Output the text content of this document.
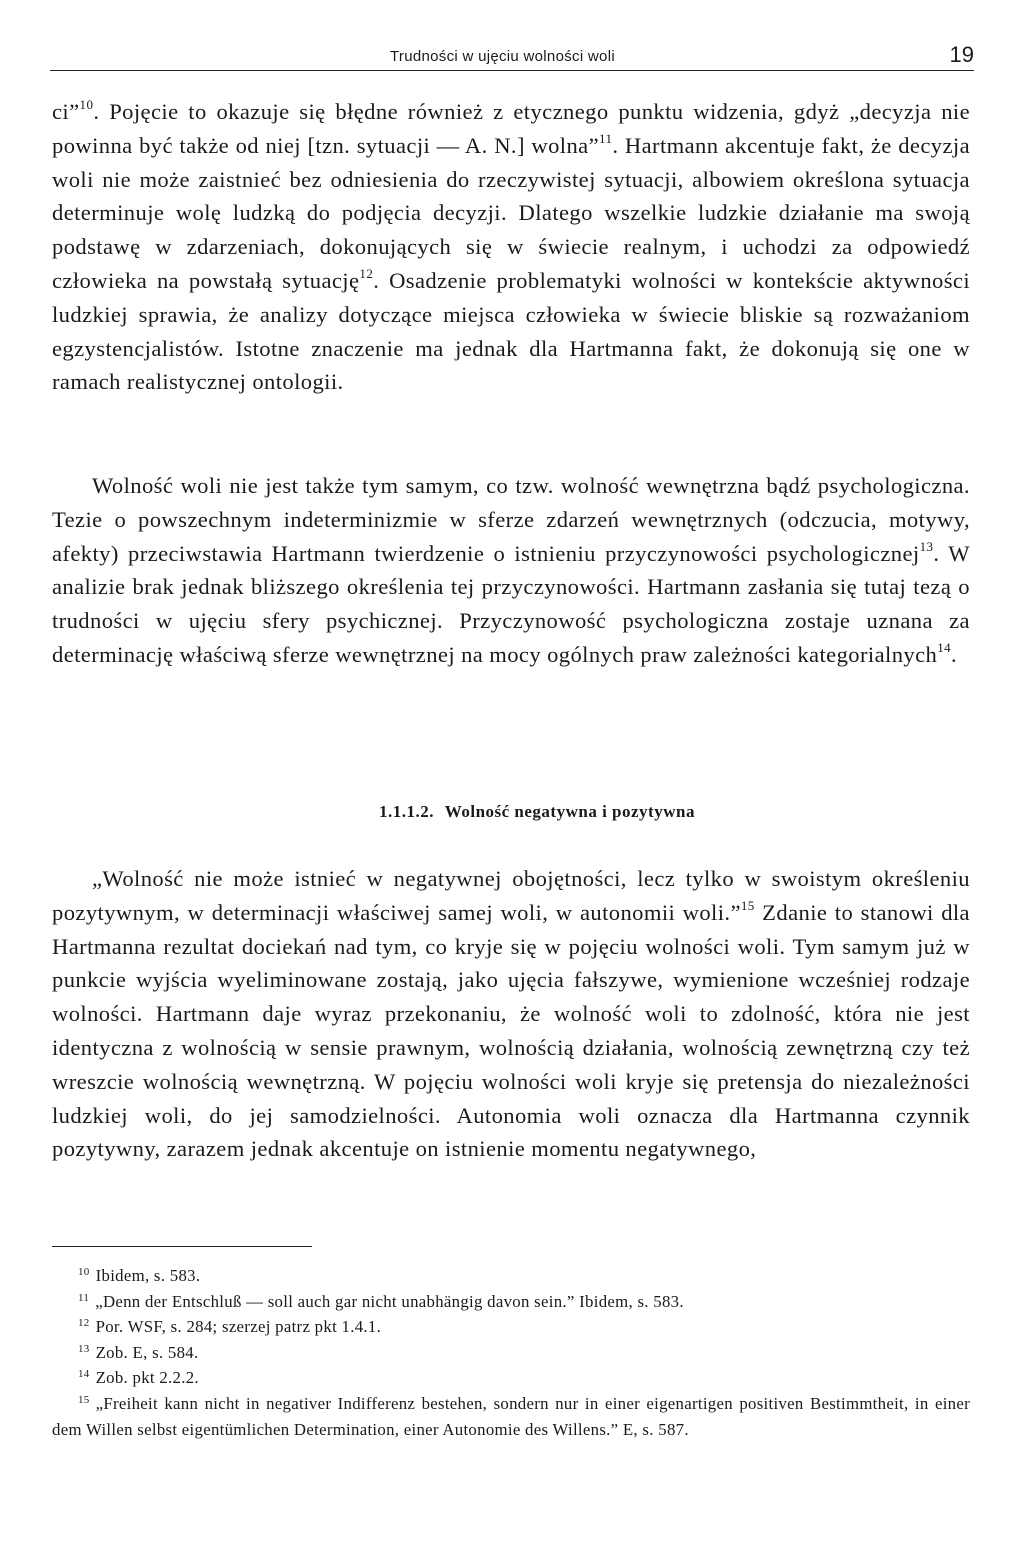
Trudności w ujęciu wolności woli	19
ci”$^{10}$. Pojęcie to okazuje się błędne również z etycznego punktu widzenia, gdyż „decyzja nie powinna być także od niej [tzn. sytuacji — A. N.] wolna”$^{11}$. Hartmann akcentuje fakt, że decyzja woli nie może zaistnieć bez odniesienia do rzeczywistej sytuacji, albowiem określona sytuacja determinuje wolę ludzką do podjęcia decyzji. Dlatego wszelkie ludzkie działanie ma swoją podstawę w zdarzeniach, dokonujących się w świecie realnym, i uchodzi za odpowiedź człowieka na powstałą sytuację$^{12}$. Osadzenie problematyki wolności w kontekście aktywności ludzkiej sprawia, że analizy dotyczące miejsca człowieka w świecie bliskie są rozważaniom egzystencjalistów. Istotne znaczenie ma jednak dla Hartmanna fakt, że dokonują się one w ramach realistycznej ontologii.
Wolność woli nie jest także tym samym, co tzw. wolność wewnętrzna bądź psychologiczna. Tezie o powszechnym indeterminizmie w sferze zdarzeń wewnętrznych (odczucia, motywy, afekty) przeciwstawia Hartmann twierdzenie o istnieniu przyczynowości psychologicznej$^{13}$. W analizie brak jednak bliższego określenia tej przyczynowości. Hartmann zasłania się tutaj tezą o trudności w ujęciu sfery psychicznej. Przyczynowość psychologiczna zostaje uznana za determinację właściwą sferze wewnętrznej na mocy ogólnych praw zależności kategorialnych$^{14}$.
1.1.1.2. Wolność negatywna i pozytywna
„Wolność nie może istnieć w negatywnej obojętności, lecz tylko w swoistym określeniu pozytywnym, w determinacji właściwej samej woli, w autonomii woli.”$^{15}$ Zdanie to stanowi dla Hartmanna rezultat dociekań nad tym, co kryje się w pojęciu wolności woli. Tym samym już w punkcie wyjścia wyeliminowane zostają, jako ujęcia fałszywe, wymienione wcześniej rodzaje wolności. Hartmann daje wyraz przekonaniu, że wolność woli to zdolność, która nie jest identyczna z wolnością w sensie prawnym, wolnością działania, wolnością zewnętrzną czy też wreszcie wolnością wewnętrzną. W pojęciu wolności woli kryje się pretensja do niezależności ludzkiej woli, do jej samodzielności. Autonomia woli oznacza dla Hartmanna czynnik pozytywny, zarazem jednak akcentuje on istnienie momentu negatywnego,
$^{10}$ Ibidem, s. 583.
$^{11}$ „Denn der Entschluß — soll auch gar nicht unabhängig davon sein.” Ibidem, s. 583.
$^{12}$ Por. WSF, s. 284; szerzej patrz pkt 1.4.1.
$^{13}$ Zob. E, s. 584.
$^{14}$ Zob. pkt 2.2.2.
$^{15}$ „Freiheit kann nicht in negativer Indifferenz bestehen, sondern nur in einer eigenartigen positiven Bestimmtheit, in einer dem Willen selbst eigentümlichen Determination, einer Autonomie des Willens.” E, s. 587.
